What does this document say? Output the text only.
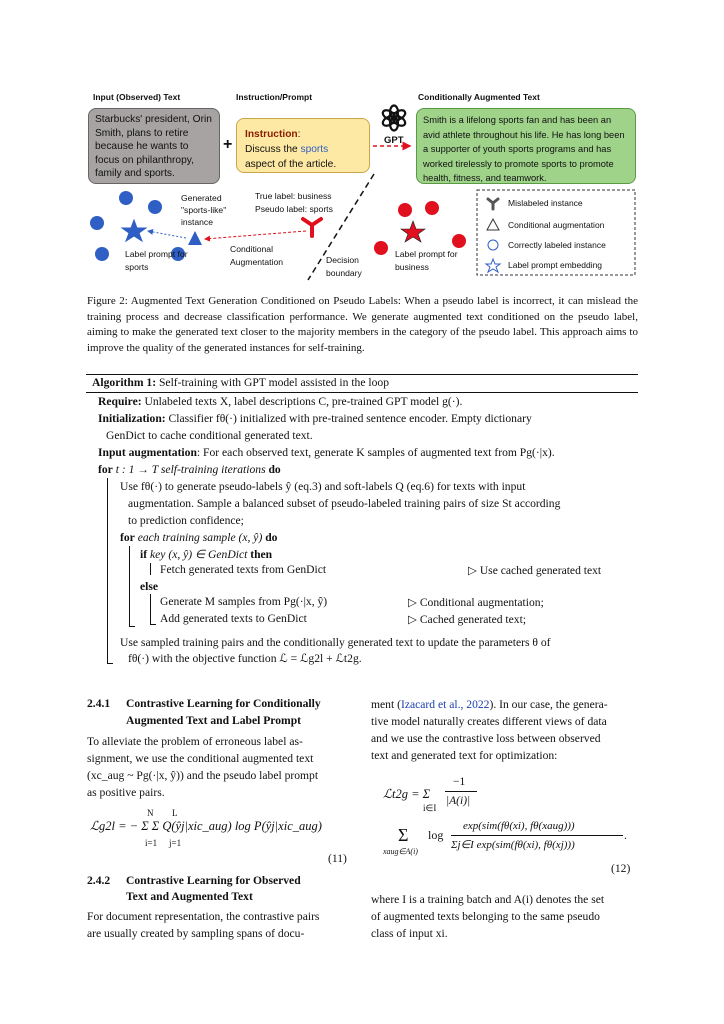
Input (Observed) Text	Instruction/Prompt	Conditionally Augmented Text
Starbucks' president, Orin Smith, plans to retire because he wants to focus on philanthropy, family and sports.
+
Instruction:
Discuss the sports
aspect of the article.
GPT
Smith is a lifelong sports fan and has been an avid athlete throughout his life. He has long been a supporter of youth sports programs and has worked tirelessly to promote sports to promote health, fitness, and teamwork.
Generated "sports-like" instance
True label: business
Pseudo label: sports
Conditional Augmentation
Label prompt for sports
Label prompt for business
Decision boundary
Mislabeled instance
Conditional augmentation
Correctly labeled instance
Label prompt embedding
Figure 2: Augmented Text Generation Conditioned on Pseudo Labels: When a pseudo label is incorrect, it can mislead the training process and decrease classification performance. We generate augmented text conditioned on the pseudo label, aiming to make the generated text closer to the majority members in the category of the pseudo label. This approach aims to improve the quality of the generated instances for self-training.
Algorithm 1: Self-training with GPT model assisted in the loop
Require: Unlabeled texts X, label descriptions C, pre-trained GPT model g(·).
Initialization: Classifier fθ(·) initialized with pre-trained sentence encoder. Empty dictionary
GenDict to cache conditional generated text.
Input augmentation: For each observed text, generate K samples of augmented text from Pg(·|x).
for t : 1 → T self-training iterations do
Use fθ(·) to generate pseudo-labels ŷ (eq.3) and soft-labels Q (eq.6) for texts with input
augmentation. Sample a balanced subset of pseudo-labeled training pairs of size St according
to prediction confidence;
for each training sample (x, ŷ) do
if key (x, ŷ) ∈ GenDict then
Fetch generated texts from GenDict	▷ Use cached generated text
else
Generate M samples from Pg(·|x, ŷ)	▷ Conditional augmentation;
Add generated texts to GenDict	▷ Cached generated text;
Use sampled training pairs and the conditionally generated text to update the parameters θ of
fθ(·) with the objective function ℒ = ℒg2l + ℒt2g.
2.4.1 Contrastive Learning for Conditionally
Augmented Text and Label Prompt
To alleviate the problem of erroneous label as-
signment, we use the conditional augmented text
(xc_aug ~ Pg(·|x, ŷ)) and the pseudo label prompt
as positive pairs.
N L
ℒg2l = − Σ Σ Q(ŷj|xic_aug) log P(ŷj|xic_aug)
i=1 j=1
(11)
2.4.2 Contrastive Learning for Observed
Text and Augmented Text
For document representation, the contrastive pairs
are usually created by sampling spans of docu-
ment (Izacard et al., 2022). In our case, the genera-
tive model naturally creates different views of data
and we use the contrastive loss between observed
text and generated text for optimization:
ℒt2g = Σ
i∈I
−1
|A(i)|
Σ
xaug∈A(i)
log
exp(sim(fθ(xi), fθ(xaug)))
Σj∈I exp(sim(fθ(xi), fθ(xj)))
.
(12)
where I is a training batch and A(i) denotes the set
of augmented texts belonging to the same pseudo
class of input xi.
